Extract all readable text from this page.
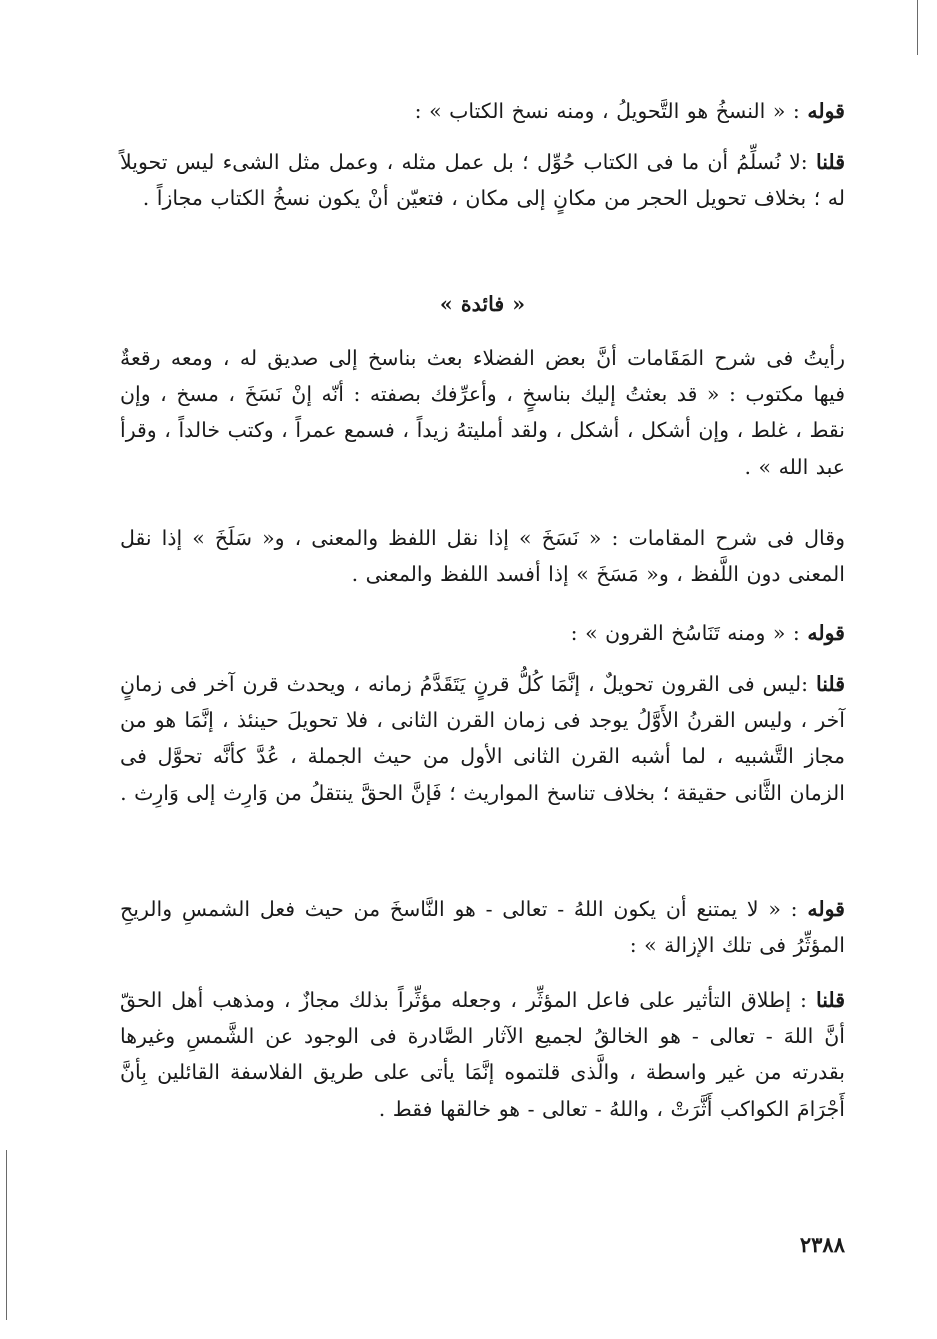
قوله : « النسخُ هو التَّحويلُ ، ومنه نسخ الكتاب » :

قلنا :لا نُسلِّمُ أن ما فى الكتاب حُوِّل ؛ بل عمل مثله ، وعمل مثل الشىء ليس تحويلاً له ؛ بخلاف تحويل الحجر من مكانٍ إلى مكان ، فتعيّن أنْ يكون نسخُ الكتاب مجازاً .

« فائدة »

رأيتُ فى شرح المَقَامات أنَّ بعض الفضلاء بعث بناسخ إلى صديق له ، ومعه رقعةٌ فيها مكتوب : « قد بعثتُ إليك بناسخٍ ، وأعرِّفك بصفته : أنّه إنْ نَسَخَ ، مسخ ، وإن نقط ، غلط ، وإن أشكل ، أشكل ، ولقد أمليتهُ زيداً ، فسمع عمراً ، وكتب خالداً ، وقرأ عبد الله » .

وقال فى شرح المقامات : « نَسَخَ » إذا نقل اللفظ والمعنى ، و« سَلَخَ » إذا نقل المعنى دون اللَّفظ ، و« مَسَخَ » إذا أفسد اللفظ والمعنى .

قوله : « ومنه تَنَاسُخ القرون » :

قلنا :ليس فى القرون تحويلٌ ، إنَّمَا كُلُّ قرنٍ يَتَقَدَّمُ زمانه ، ويحدث قرن آخر فى زمانٍ آخر ، وليس القرنُ الأَوَّلُ يوجد فى زمان القرن الثانى ، فلا تحويلَ حينئذ ، إنَّمَا هو من مجاز التَّشبيه ، لما أشبه القرن الثانى الأول من حيث الجملة ، عُدَّ كأنَّه تحوَّل فى الزمان الثَّانى حقيقة ؛ بخلاف تناسخ المواريث ؛ فَإنَّ الحقَّ ينتقلُ من وَارِث إلى وَارِث .

قوله : « لا يمتنع أن يكون اللهُ - تعالى - هو النَّاسخَ من حيث فعل الشمسِ والريحِ المؤثِّرُ فى تلك الإزالة » :

قلنا : إطلاق التأثير على فاعل المؤثِّر ، وجعله مؤثِّراً بذلك مجازٌ ، ومذهب أهل الحقّ أنَّ اللهَ - تعالى - هو الخالقُ لجميع الآثار الصَّادرة فى الوجود عن الشَّمسِ وغيرها بقدرته من غير واسطة ، والَّذى قلتموه إنَّمَا يأتى على طريق الفلاسفة القائلين بِأنَّ أَجْرَامَ الكواكب أَثَّرَتْ ، واللهُ - تعالى - هو خالقها فقط .

٢٣٨٨
